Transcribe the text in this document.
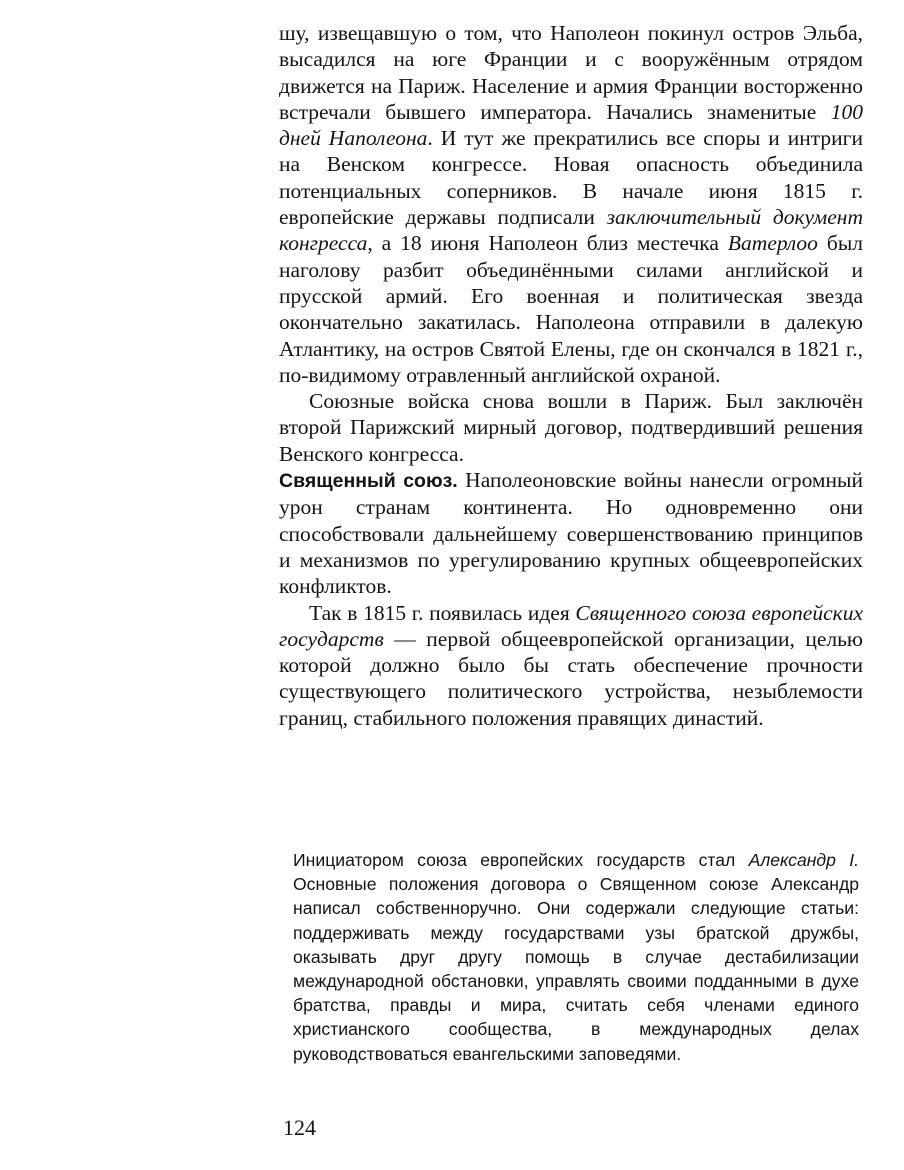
шу, извещавшую о том, что Наполеон покинул остров Эльба, высадился на юге Франции и с вооружённым отрядом движется на Париж. Население и армия Франции восторженно встречали бывшего императора. Начались знаменитые 100 дней Наполеона. И тут же прекратились все споры и интриги на Венском конгрессе. Новая опасность объединила потенциальных соперников. В начале июня 1815 г. европейские державы подписали заключительный документ конгресса, а 18 июня Наполеон близ местечка Ватерлоо был наголову разбит объединёнными силами английской и прусской армий. Его военная и политическая звезда окончательно закатилась. Наполеона отправили в далекую Атлантику, на остров Святой Елены, где он скончался в 1821 г., по-видимому отравленный английской охраной.

Союзные войска снова вошли в Париж. Был заключён второй Парижский мирный договор, подтвердивший решения Венского конгресса.

Священный союз. Наполеоновские войны нанесли огромный урон странам континента. Но одновременно они способствовали дальнейшему совершенствованию принципов и механизмов по урегулированию крупных общеевропейских конфликтов.

Так в 1815 г. появилась идея Священного союза европейских государств — первой общеевропейской организации, целью которой должно было бы стать обеспечение прочности существующего политического устройства, незыблемости границ, стабильного положения правящих династий.

Инициатором союза европейских государств стал Александр I. Основные положения договора о Священном союзе Александр написал собственноручно. Они содержали следующие статьи: поддерживать между государствами узы братской дружбы, оказывать друг другу помощь в случае дестабилизации международной обстановки, управлять своими подданными в духе братства, правды и мира, считать себя членами единого христианского сообщества, в международных делах руководствоваться евангельскими заповедями.

124
